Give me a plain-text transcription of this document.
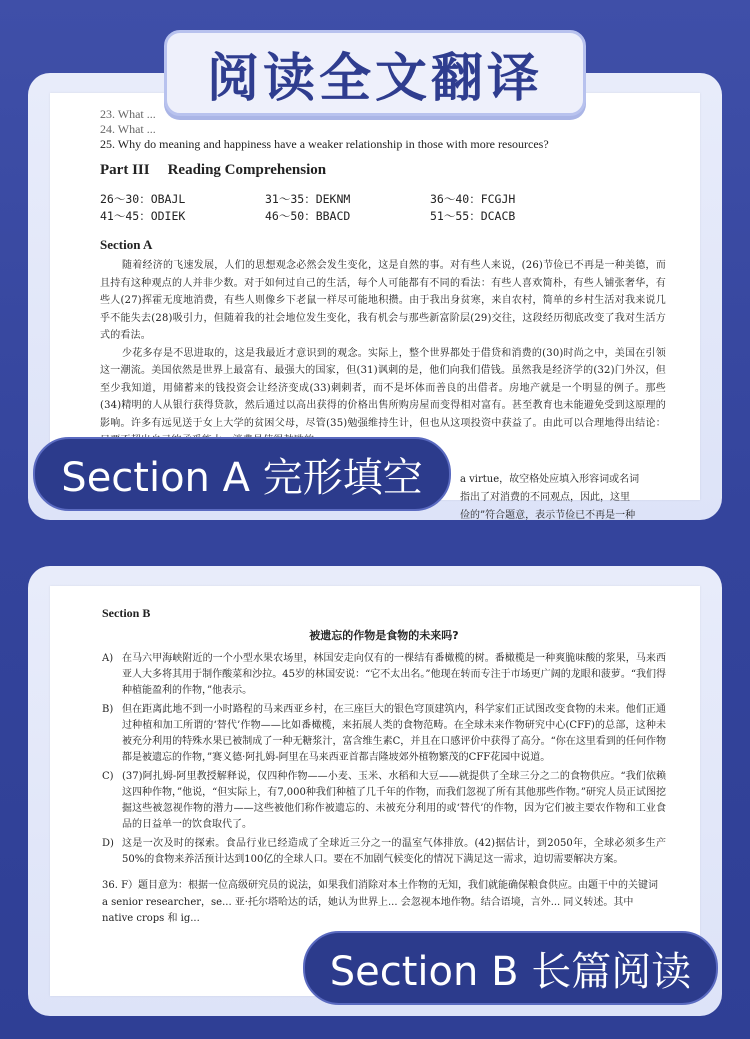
阅读全文翻译
23. What ...
24. What ...
25. Why do meaning and happiness have a weaker relationship in those with more resources?
Part III Reading Comprehension
26～30：OBAJL	31～35：DEKNM	36～40：FCGJH
41～45：ODIEK	46～50：BBACD	51～55：DCACB
Section A

随着经济的飞速发展，人们的思想观念必然会发生变化，这是自然的事。对有些人来说，(26)节俭已不再是一种美德，而且持有这种观点的人并非少数。对于如何过自己的生活，每个人可能都有不同的看法：有些人喜欢简朴，有些人铺张奢华，有些人(27)挥霍无度地消费，有些人则像乡下老鼠一样尽可能地积攒。由于我出身贫寒，来自农村，简单的乡村生活对我来说几乎不能失去(28)吸引力，但随着我的社会地位发生变化，我有机会与那些新富阶层(29)交往，这段经历彻底改变了我对生活方式的看法。

少花多存是不思进取的，这是我最近才意识到的观念。实际上，整个世界都处于借贷和消费的(30)时尚之中，美国在引领这一潮流。美国依然是世界上最富有、最强大的国家，但(31)讽刺的是，他们向我们借钱。虽然我是经济学的(32)门外汉，但至少我知道，用储蓄来的钱投资会让经济变成(33)刺刺者，而不是坏体而善良的出借者。房地产就是一个明显的例子。那些(34)精明的人从银行获得贷款，然后通过以高出获得的价格出售所购房屋而变得相对富有。甚至教育也未能避免受到这原理的影响。许多有远见送于女上大学的贫困父母，尽管(35)勉强维持生计，但也从这项投资中获益了。由此可以合理地得出结论：

a virtue，故空格处应填入形容词或名词
指出了对消费的不同观点，因此，这里
俭的”符合题意，表示节俭已不再是一种
Section A 完形填空
Section B
被遗忘的作物是食物的未来吗?
A) 在马六甲海峡附近的一个小型水果农场里，林国安走向仅有的一棵结有番橄榄的树。番橄榄是一种爽脆味酸的浆果，马来西亚人大多将其用于制作酸菜和沙拉。45岁的林国安说：“它不太出名。”他现在转而专注于市场更广阔的龙眼和菠萝。“我们得种植能盈利的作物，”他表示。
B) 但在距离此地不到一小时路程的马来西亚乡村，在三座巨大的银色穹顶建筑内，科学家们正试图改变食物的未来。他们正通过种植和加工所谓的‘替代’作物——比如番橄榄，来拓展人类的食物范畴。在全球未来作物研究中心(CFF)的总部，这种未被充分利用的特殊水果已被制成了一种无糖浆汁，富含维生素C，并且在口感评价中获得了高分。“你在这里看到的任何作物都是被遗忘的作物，”赛义德·阿扎姆-阿里在马来西亚首都吉隆坡郊外植物繁茂的CFF花园中说道。
C) (37)阿扎姆-阿里教授解释说，仅四种作物——小麦、玉米、水稻和大豆——就提供了全球三分之二的食物供应。“我们依赖这四种作物，”他说，“但实际上，有7,000种我们种植了几千年的作物，而我们忽视了所有其他那些作物。”研究人员正试图挖掘这些被忽视作物的潜力——这些被他们称作被遗忘的、未被充分利用的或‘替代’的作物，因为它们被主要农作物和工业食品的日益单一的饮食取代了。
D) 这是一次及时的探索。食品行业已经造成了全球近三分之一的温室气体排放。(42)据估计，到2050年，全球必须多生产50%的食物来养活预计达到100亿的全球人口。要在不加剧气候变化的情况下满足这一需求，迫切需要解决方案。

36. F）题目意为：根据一位高级研究员的说法，如果我们消除对本土作物的无知，我们就能确保粮食供应。由题干中的关键词 a senior researcher，se... 亚·托尔塔哈达的话，她认为世界上... 会忽视本地作物。结合语境，言外... 同义转述。其中 native crops 和 ig...

Section B 长篇阅读
